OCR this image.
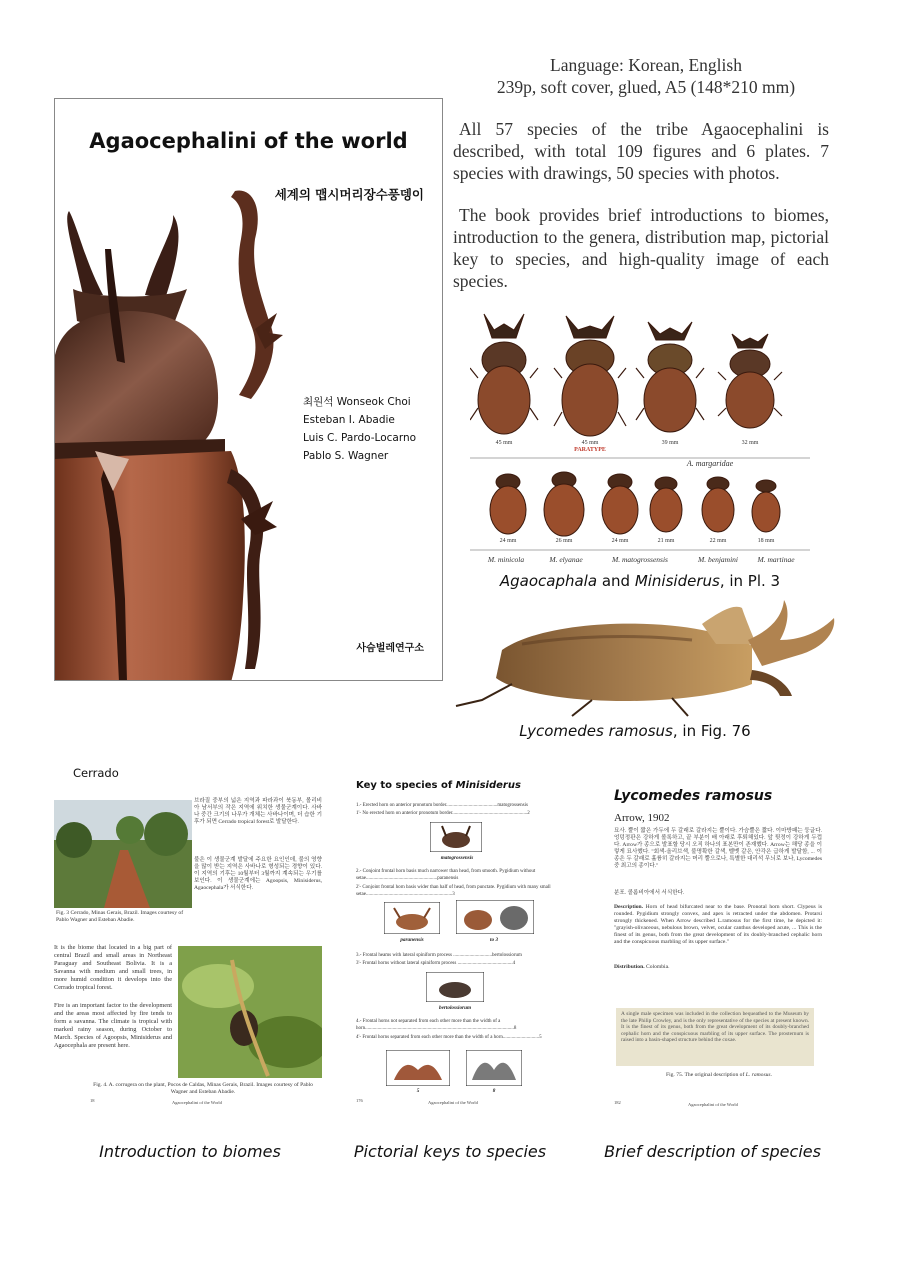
Language: Korean, English
239p, soft cover, glued, A5 (148*210 mm)
All 57 species of the tribe Agaocephalini is described, with total 109 figures and 6 plates. 7 species with drawings, 50 species with photos.
The book provides brief introductions to biomes, introduction to the genera, distribution map, pictorial key to species, and high-quality image of each species.
Agaocephalini of the world
세계의 맵시머리장수풍뎅이
최원석 Wonseok Choi
Esteban I. Abadie
Luis C. Pardo-Locarno
Pablo S. Wagner
사슴벌레연구소
45 mm	45 mm
PARATYPE
39 mm	32 mm
A. margaridae
24 mm	26 mm	24 mm	21 mm	22 mm	18 mm
M. minicola	M. elyanae	M. matogrossensis	M. benjamini	M. martinae
Agaocaphala and Minisiderus, in Pl. 3
Lycomedes ramosus, in Fig. 76
Cerrado
Fig. 3 Cerrado, Minas Gerais, Brazil. Images courtesy of Pablo Wagner and Esteban Abadie.
브라질 중부의 넓은 지역과 파라과이 북동부, 볼리비아 남서부의 작은 지역에 위치한 생물군계이다. 사바나 중간 크기의 나무가 개체는 사바나이며, 더 습한 기후가 되면 Cerrado tropical forest로 발달한다.
불은 이 생물군계 발달에 주요한 요인인데, 불의 영향을 많이 받는 지역은 사바나로 형성되는 경향이 있다. 이 지역의 기후는 10월부터 3월까지 계속되는 우기를 보인다. 이 생물군계에는 Agoopsis, Minisiderus, Agaocephala가 서식한다.
It is the biome that located in a big part of central Brazil and small areas in Northeast Paraguay and Southeast Bolivia. It is a Savanna with medium and small trees, in more humid condition it develops into the Cerrado tropical forest.
Fire is an important factor to the development and the areas most affected by fire tends to form a savanna. The climate is tropical with marked rainy season, during October to March. Species of Agoopsis, Minisiderus and Agaocephala are present here.
Fig. 4. A. corrugera on the plant, Pocos de Caldas, Minas Gerais, Brazil. Images courtesy of Pablo Wagner and Esteban Abadie.
18	Agaocephalini of the World
Key to species of Minisiderus
1.- Erected horn on anterior pronotum border.........................................matogrossensis
1'- No erected horn on anterior pronotum border............................................................2
matogrossensis
2.- Conjoint frontal horn basis much narrower than head, from smooth. Pygidium without setae.........................................................paranensis
2'- Conjoint frontal horn basis wider than half of head, from punctate. Pygidium with many small setae.....................................................................3
paranensis	to 3
3.- Frontal heams with lateral spiniform process ...............................bertolossiorum
3'- Frontal horns without lateral spiniform process ............................................4
bertolossiorum
4.- Frontal horns not separated from each other more than the width of a horn.......................................................................................................................8
4'- Frontal horns separated from each other more than the width of a horn.............................5
5	8
176	Agaocephalini of the World
Lycomedes ramosus
Arrow, 1902
묘사. 뿔이 짧은 가두에 두 갈래로 갈라지는 뿔이다. 가슴뿔은 짧다. 이마방패는 둥글다. 엉덩정판은 강하게 볼록하고, 끝 부분이 배 아래로 후퇴해있다. 앞 뒷정이 강하게 두껍다. Arrow가 종으로 발표할 당시 오직 하나의 표본만이 존재했다. Arrow는 해당 종을 이렇게 묘사했다. "회색-올리브색, 불명확한 갈색, 벨벳 같은, 안각은 급하게 발달함, ... 이 종은 두 갈래로 훌륭히 갈라지는 머리 뿔으로나, 특별한 대리석 무늬로 보나, Lycomedes중 최고의 종이다."
분포. 콜롬비아에서 서식한다.
Description. Horn of head bifurcated near to the base. Pronotal horn short. Clypeus is rounded. Pygidium strongly convex, and apex is retracted under the abdomen. Protarsi strongly thickened. When Arrow described L.ramosus for the first time, he depicted it: "grayish-olivaceous, nebulous brown, velvet, ocular canthus developed acute, ... This is the finest of its genus, both from the great development of its doubly-branched cephalic horn and the conspicuous marbling of its upper surface."
Distribution. Colombia.
A single male specimen was included in the collection bequeathed to the Museum by the late Philip Crowley, and is the only representative of the species at present known. It is the finest of its genus, both from the great development of its doubly-branched cephalic horn and the conspicuous marbling of its upper surface. The prosternum is raised into a basin-shaped structure behind the coxae.
Fig. 75. The original description of L. ramosus.
182	Agaocephalini of the World
Introduction to biomes	Pictorial keys to species	Brief description of species
